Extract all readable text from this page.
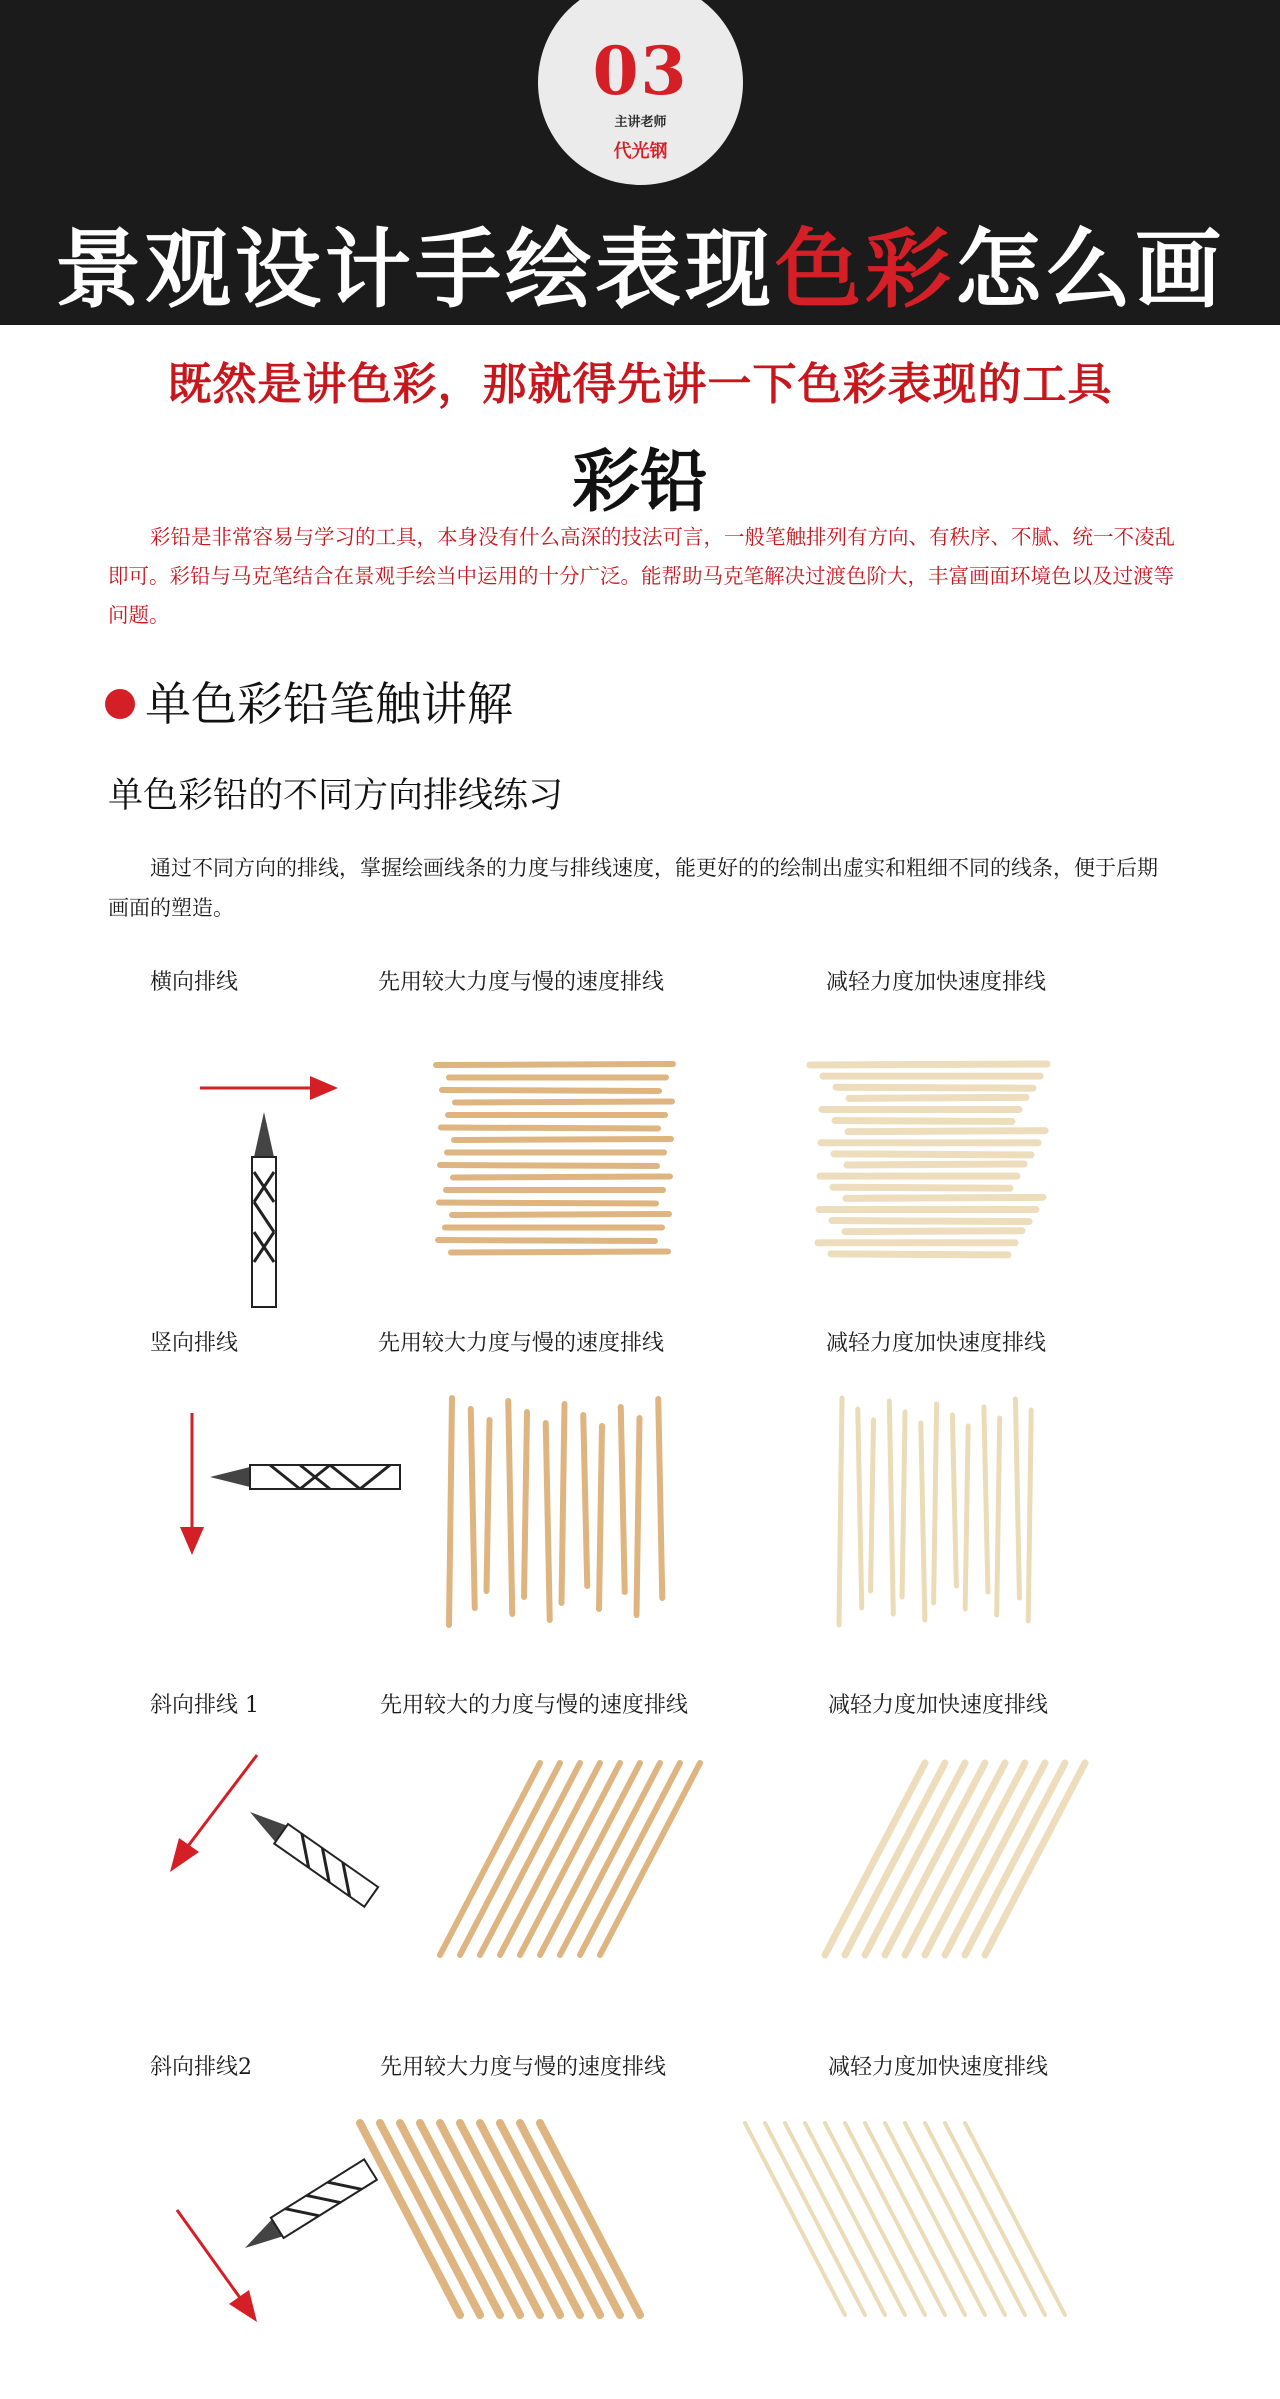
03
主讲老师
代光钢
景观设计手绘表现色彩怎么画
既然是讲色彩，那就得先讲一下色彩表现的工具
彩铅
彩铅是非常容易与学习的工具，本身没有什么高深的技法可言，一般笔触排列有方向、有秩序、不腻、统一不凌乱即可。彩铅与马克笔结合在景观手绘当中运用的十分广泛。能帮助马克笔解决过渡色阶大，丰富画面环境色以及过渡等问题。
单色彩铅笔触讲解
单色彩铅的不同方向排线练习
通过不同方向的排线，掌握绘画线条的力度与排线速度，能更好的的绘制出虚实和粗细不同的线条，便于后期画面的塑造。
横向排线	先用较大力度与慢的速度排线	减轻力度加快速度排线
竖向排线	先用较大力度与慢的速度排线	减轻力度加快速度排线
斜向排线 1	先用较大的力度与慢的速度排线	减轻力度加快速度排线
斜向排线2	先用较大力度与慢的速度排线	减轻力度加快速度排线
